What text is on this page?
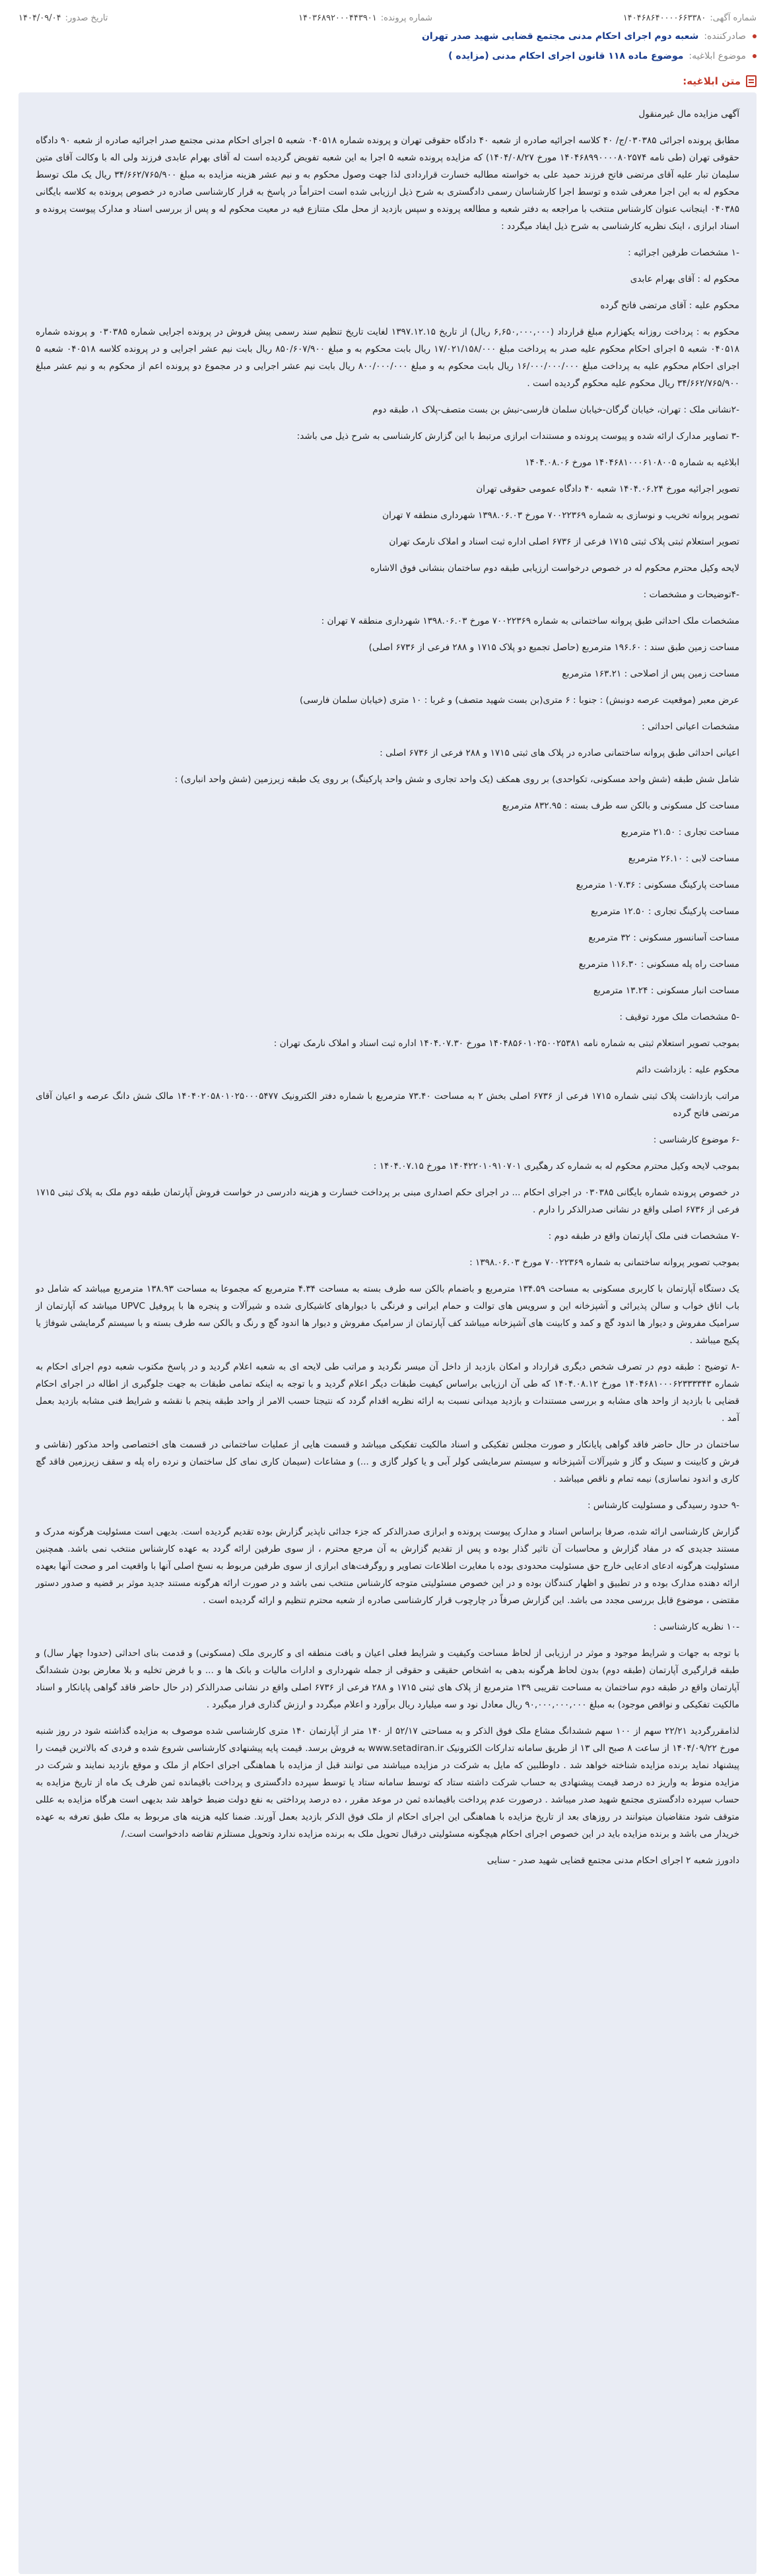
شماره آگهی:
۱۴۰۴۶۸۶۴۰۰۰۰۶۶۳۳۸۰
شماره پرونده:
۱۴۰۳۶۸۹۲۰۰۰۴۴۳۹۰۱
تاریخ صدور:
۱۴۰۴/۰۹/۰۴
صادرکننده:
شعبه دوم اجرای احکام مدنی مجتمع قضایی شهید صدر تهران
موضوع ابلاغیه:
موضوع ماده ۱۱۸ قانون اجرای احکام مدنی (مزایده )
متن ابلاغیه:

آگهی مزایده مال غیرمنقول

مطابق پرونده اجرائی ۰۳۰۳۸۵/ج/ ۴۰ کلاسه اجرائیه صادره از شعبه ۴۰ دادگاه حقوقی تهران و پرونده شماره ۰۴۰۵۱۸ شعبه ۵ اجرای احکام مدنی مجتمع صدر اجرائیه صادره از شعبه ۹۰ دادگاه حقوقی تهران (طی نامه ۱۴۰۴۶۸۹۹۰۰۰۰۸۰۲۵۷۴ مورخ ۱۴۰۴/۰۸/۲۷) که مزایده پرونده شعبه ۵ اجرا به این شعبه تفویض گردیده است له آقای بهرام عابدی فرزند ولی اله با وکالت آقای متین سلیمان تبار علیه آقای مرتضی فاتح فرزند حمید علی به خواسته مطالبه خسارت قراردادی لذا جهت وصول محکوم به و نیم عشر هزینه مزایده به مبلغ ۳۴/۶۶۲/۷۶۵/۹۰۰ ریال یک ملک توسط محکوم له به این اجرا معرفی شده و توسط اجرا کارشناسان رسمی دادگستری به شرح ذیل ارزیابی شده است احتراماً در پاسخ به قرار کارشناسی صادره در خصوص پرونده به کلاسه بایگانی ۰۴۰۳۸۵ اینجانب عنوان کارشناس منتخب با مراجعه به دفتر شعبه و مطالعه پرونده و سپس بازدید از محل ملک متنازع فیه در معیت محکوم له و پس از بررسی اسناد و مدارک پیوست پرونده و اسناد ابرازی ، اینک نظریه کارشناسی به شرح ذیل ایفاد میگردد :

-۱ مشخصات طرفین اجرائیه :

محکوم له : آقای بهرام عابدی

محکوم علیه : آقای مرتضی فاتح گرده

محکوم به : پرداخت روزانه یکهزارم مبلغ قرارداد (۶,۶۵۰,۰۰۰,۰۰۰ ریال) از تاریخ ۱۳۹۷.۱۲.۱۵ لغایت تاریخ تنظیم سند رسمی پیش فروش در پرونده اجرایی شماره ۰۳۰۳۸۵ و پرونده شماره ۰۴۰۵۱۸ شعبه ۵ اجرای احکام محکوم علیه صدر به پرداخت مبلغ ۱۷/۰۲۱/۱۵۸/۰۰۰ ریال بابت محکوم به و مبلغ ۸۵۰/۶۰۷/۹۰۰ ریال بابت نیم عشر اجرایی و در پرونده کلاسه ۰۴۰۵۱۸ شعبه ۵ اجرای احکام محکوم علیه به پرداخت مبلغ ۱۶/۰۰۰/۰۰۰/۰۰۰ ریال بابت محکوم به و مبلغ ۸۰۰/۰۰۰/۰۰۰ ریال بابت نیم عشر اجرایی و در مجموع دو پرونده اعم از محکوم به و نیم عشر مبلغ ۳۴/۶۶۲/۷۶۵/۹۰۰ ریال محکوم علیه محکوم گردیده است .

-۲نشانی ملک : تهران، خیابان گرگان-خیابان سلمان فارسی-نبش بن بست متصف-پلاک ۱، طبقه دوم

-۳ تصاویر مدارک ارائه شده و پیوست پرونده و مستندات ابرازی مرتبط با این گزارش کارشناسی به شرح ذیل می باشد:

ابلاغیه به شماره ۱۴۰۴۶۸۱۰۰۰۶۱۰۸۰۰۵ مورخ ۱۴۰۴.۰۸.۰۶

تصویر اجرائیه مورخ ۱۴۰۴.۰۶.۲۴ شعبه ۴۰ دادگاه عمومی حقوقی تهران

تصویر پروانه تخریب و نوسازی به شماره ۷۰۰۲۲۳۶۹ مورخ ۱۳۹۸.۰۶.۰۳ شهرداری منطقه ۷ تهران

تصویر استعلام ثبتی پلاک ثبتی ۱۷۱۵ فرعی از ۶۷۳۶ اصلی اداره ثبت اسناد و املاک نارمک تهران

لایحه وکیل محترم محکوم له در خصوص درخواست ارزیابی طبقه دوم ساختمان بنشانی فوق الاشاره

-۴توضیحات و مشخصات :

مشخصات ملک احداثی طبق پروانه ساختمانی به شماره ۷۰۰۲۲۳۶۹ مورخ ۱۳۹۸.۰۶.۰۳ شهرداری منطقه ۷ تهران :

مساحت زمین طبق سند : ۱۹۶.۶۰ مترمربع (حاصل تجمیع دو پلاک ۱۷۱۵ و ۲۸۸ فرعی از ۶۷۳۶ اصلی)

مساحت زمین پس از اصلاحی : ۱۶۳.۲۱ مترمربع

عرض معبر (موقعیت عرصه دونبش) : جنوبا : ۶ متری(بن بست شهید متصف) و غربا : ۱۰ متری (خیابان سلمان فارسی)

مشخصات اعیانی احداثی :

اعیانی احداثی طبق پروانه ساختمانی صادره در پلاک های ثبتی ۱۷۱۵ و ۲۸۸ فرعی از ۶۷۳۶ اصلی :

شامل شش طبقه (شش واحد مسکونی، تکواحدی) بر روی همکف (یک واحد تجاری و شش واحد پارکینگ) بر روی یک طبقه زیرزمین (شش واحد انباری) :

مساحت کل مسکونی و بالکن سه طرف بسته : ۸۳۲.۹۵ مترمربع

مساحت تجاری : ۲۱.۵۰ مترمربع

مساحت لابی : ۲۶.۱۰ مترمربع

مساحت پارکینگ مسکونی : ۱۰۷.۳۶ مترمربع

مساحت پارکینگ تجاری : ۱۲.۵۰ مترمربع

مساحت آسانسور مسکونی : ۳۲ مترمربع

مساحت راه پله مسکونی : ۱۱۶.۳۰ مترمربع

مساحت انبار مسکونی : ۱۳.۲۴ مترمربع

-۵ مشخصات ملک مورد توقیف :

بموجب تصویر استعلام ثبتی به شماره نامه ۱۴۰۴۸۵۶۰۱۰۲۵۰۰۲۵۳۸۱ مورخ ۱۴۰۴.۰۷.۳۰ اداره ثبت اسناد و املاک نارمک تهران :

محکوم علیه : بازداشت دائم

مراتب بازداشت پلاک ثبتی شماره ۱۷۱۵ فرعی از ۶۷۳۶ اصلی بخش ۲ به مساحت ۷۳.۴۰ مترمربع با شماره دفتر الکترونیک ۱۴۰۴۰۲۰۵۸۰۱۰۲۵۰۰۰۵۴۷۷ مالک شش دانگ عرصه و اعیان آقای مرتضی فاتح گرده

-۶ موضوع کارشناسی :

بموجب لایحه وکیل محترم محکوم له به شماره کد رهگیری ۱۴۰۴۲۲۰۱۰۹۱۰۷۰۱ مورخ ۱۴۰۴.۰۷.۱۵ :

در خصوص پرونده شماره بایگانی ۰۳۰۳۸۵ در اجرای احکام ... در اجرای حکم اصداری مبنی بر پرداخت خسارت و هزینه دادرسی در خواست فروش آپارتمان طبقه دوم ملک به پلاک ثبتی ۱۷۱۵ فرعی از ۶۷۳۶ اصلی واقع در نشانی صدرالذکر را دارم .

-۷ مشخصات فنی ملک آپارتمان واقع در طبقه دوم :

بموجب تصویر پروانه ساختمانی به شماره ۷۰۰۲۲۳۶۹ مورخ ۱۳۹۸.۰۶.۰۳ :

یک دستگاه آپارتمان با کاربری مسکونی به مساحت ۱۳۴.۵۹ مترمربع و باضمام بالکن سه طرف بسته به مساحت ۴.۳۴ مترمربع که مجموعا به مساحت ۱۳۸.۹۳ مترمربع میباشد که شامل دو باب اتاق خواب و سالن پذیرائی و آشپزخانه این و سرویس های توالت و حمام ایرانی و فرنگی با دیوارهای کاشیکاری شده و شیرآلات و پنجره ها با پروفیل UPVC میباشد که آپارتمان از سرامیک مفروش و دیوار ها اندود گچ و کمد و کابینت های آشپزخانه میباشد کف آپارتمان از سرامیک مفروش و دیوار ها اندود گچ و رنگ و بالکن سه طرف بسته و با سیستم گرمایشی شوفاژ یا پکیج میباشد .

-۸ توضیح : طبقه دوم در تصرف شخص دیگری قرارداد و امکان بازدید از داخل آن میسر نگردید و مراتب طی لایحه ای به شعبه اعلام گردید و در پاسخ مکتوب شعبه دوم اجرای احکام به شماره ۱۴۰۴۶۸۱۰۰۰۶۲۳۳۳۳۴۳ مورخ ۱۴۰۴.۰۸.۱۲ که طی آن ارزیابی براساس کیفیت طبقات دیگر اعلام گردید و با توجه به اینکه تمامی طبقات به جهت جلوگیری از اطاله در اجرای احکام قضایی با بازدید از واحد های مشابه و بررسی مستندات و بازدید میدانی نسبت به ارائه نظریه اقدام گردد که نتیجتا حسب الامر از واحد طبقه پنجم با نقشه و شرایط فنی مشابه بازدید بعمل آمد .

ساختمان در حال حاضر فاقد گواهی پایانکار و صورت مجلس تفکیکی و اسناد مالکیت تفکیکی میباشد و قسمت هایی از عملیات ساختمانی در قسمت های اختصاصی واحد مذکور (نقاشی و فرش و کابینت و سینک و گاز و شیرآلات آشپزخانه و سیستم سرمایشی کولر آبی و یا کولر گازی و ...) و مشاعات (سیمان کاری نمای کل ساختمان و نرده راه پله و سقف زیرزمین فاقد گچ کاری و اندود نماسازی) نیمه تمام و ناقص میباشد .

-۹ حدود رسیدگی و مسئولیت کارشناس :

گزارش کارشناسی ارائه شده، صرفا براساس اسناد و مدارک پیوست پرونده و ابرازی صدرالذکر که جزء جدائی ناپذیر گزارش بوده تقدیم گردیده است. بدیهی است مسئولیت هرگونه مدرک و مستند جدیدی که در مفاد گزارش و محاسبات آن تاثیر گذار بوده و پس از تقدیم گزارش به آن مرجع محترم ، از سوی طرفین ارائه گردد به عهده کارشناس منتخب نمی باشد. همچنین مسئولیت هرگونه ادعای ادعایی خارج حق مسئولیت محدودی بوده با مغایرت اطلاعات تصاویر و روگرفت‌های ابرازی از سوی طرفین مربوط به نسخ اصلی آنها با واقعیت امر و صحت آنها بعهده ارائه دهنده مدارک بوده و در تطبیق و اظهار کنندگان بوده و در این خصوص مسئولیتی متوجه کارشناس منتخب نمی باشد و در صورت ارائه هرگونه مستند جدید موثر بر قضیه و صدور دستور مقتضی ، موضوع قابل بررسی مجدد می باشد. این گزارش صرفاً در چارچوب قرار کارشناسی صادره از شعبه محترم تنظیم و ارائه گردیده است .

-۱۰ نظریه کارشناسی :

با توجه به جهات و شرایط موجود و موثر در ارزیابی از لحاظ مساحت وکیفیت و شرایط فعلی اعیان و بافت منطقه ای و کاربری ملک (مسکونی) و قدمت بنای احداثی (حدودا چهار سال) و طبقه قرارگیری آپارتمان (طبقه دوم) بدون لحاظ هرگونه بدهی به اشخاص حقیقی و حقوقی از جمله شهرداری و ادارات مالیات و بانک ها و ... و با فرض تخلیه و بلا معارض بودن ششدانگ آپارتمان واقع در طبقه دوم ساختمان به مساحت تقریبی ۱۳۹ مترمربع از پلاک های ثبتی ۱۷۱۵ و ۲۸۸ فرعی از ۶۷۳۶ اصلی واقع در نشانی صدرالذکر (در حال حاضر فاقد گواهی پایانکار و اسناد مالکیت تفکیکی و نواقص موجود) به مبلغ ۹۰,۰۰۰,۰۰۰,۰۰۰ ریال معادل نود و سه میلیارد ریال برآورد و اعلام میگردد و ارزش گذاری فرار میگیرد .

لذامقررگردید ۲۲/۲۱ سهم از ۱۰۰ سهم ششدانگ مشاع ملک فوق الذکر و به مساحتی ۵۲/۱۷ از ۱۴۰ متر از آپارتمان ۱۴۰ متری کارشناسی شده موصوف به مزایده گذاشته شود در روز شنبه مورخ ۱۴۰۴/۰۹/۲۲ از ساعت ۸ صبح الی ۱۳ از طریق سامانه تدارکات الکترونیک www.setadiran.ir به فروش برسد. قیمت پایه پیشنهادی کارشناسی شروع شده و فردی که بالاترین قیمت را پیشنهاد نماید برنده مزایده شناخته خواهد شد . داوطلبین که مایل به شرکت در مزایده میباشند می توانند قبل از مزایده با هماهنگی اجرای احکام از ملک و موقع بازدید نمایند و شرکت در مزایده منوط به واریز ده درصد قیمت پیشنهادی به حساب شرکت داشته ستاد که توسط سامانه ستاد یا توسط سپرده دادگستری و پرداخت باقیمانده ثمن ظرف یک ماه از تاریخ مزایده به حساب سپرده دادگستری مجتمع شهید صدر میباشد . درصورت عدم پرداخت باقیمانده ثمن در موعد مقرر ، ده درصد پرداختی به نفع دولت ضبط خواهد شد بدیهی است هرگاه مزایده به عللی متوقف شود متقاضیان میتوانند در روزهای بعد از تاریخ مزایده با هماهنگی این اجرای احکام از ملک فوق الذکر بازدید بعمل آورند. ضمنا کلیه هزینه های مربوط به ملک طبق تعرفه به عهده خریدار می باشد و برنده مزایده باید در این خصوص اجرای احکام هیچگونه مسئولیتی درقبال تحویل ملک به برنده مزایده ندارد وتحویل مستلزم تقاضه دادخواست است./

دادورز شعبه ۲ اجرای احکام مدنی مجتمع قضایی شهید صدر - سنایی
